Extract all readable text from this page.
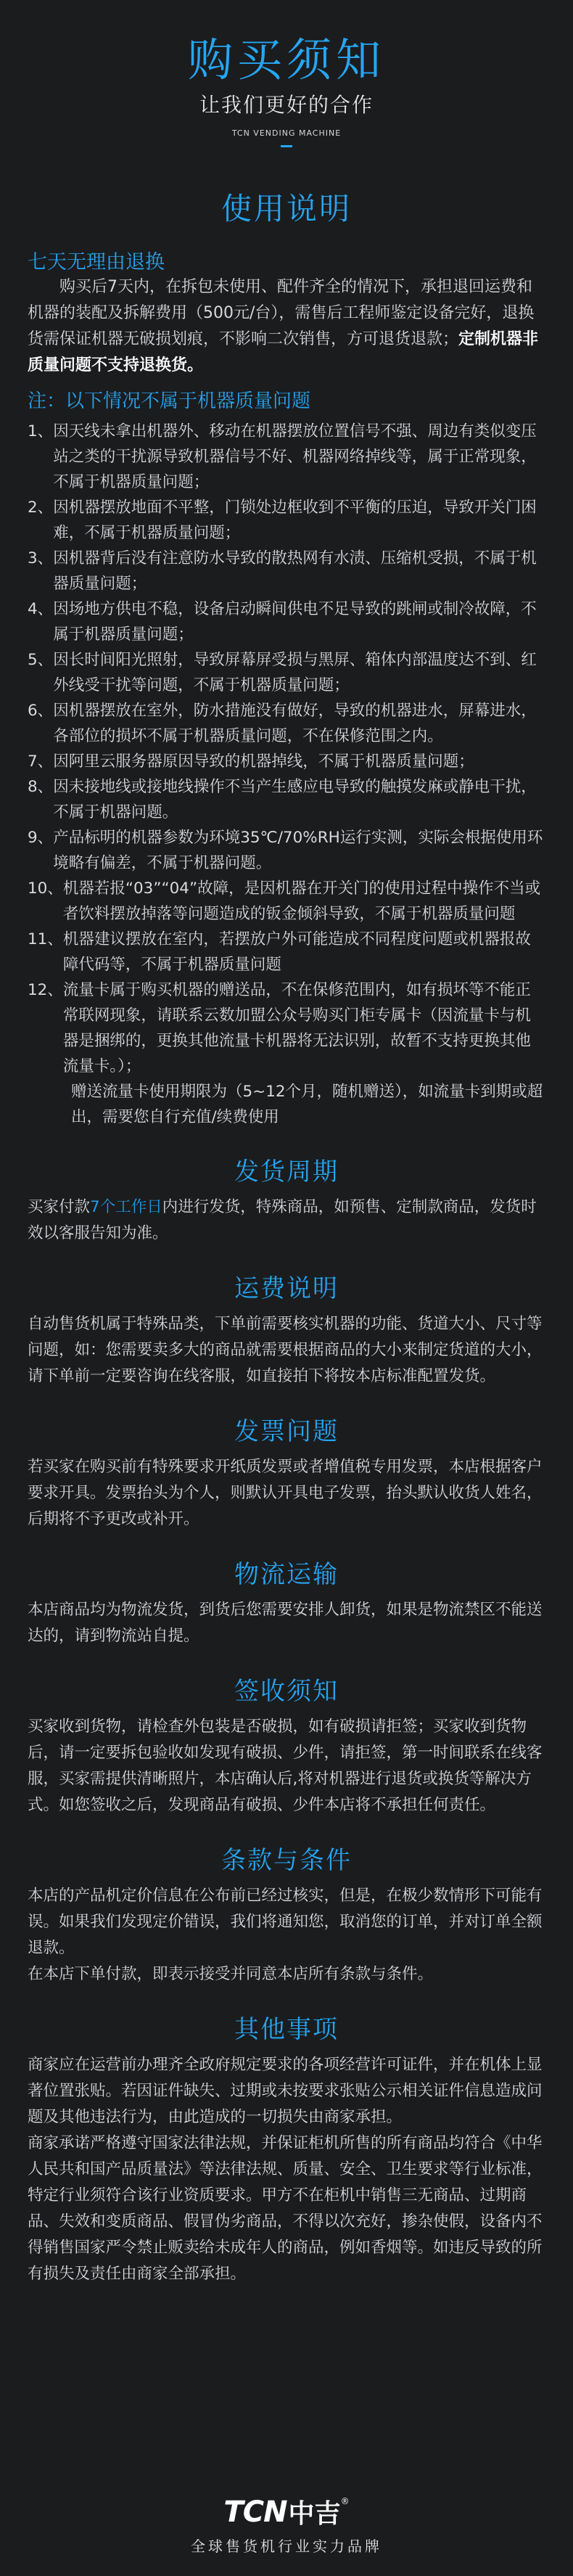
购买须知
让我们更好的合作
TCN VENDING MACHINE
使用说明
七天无理由退换
购买后7天内，在拆包未使用、配件齐全的情况下，承担退回运费和机器的装配及拆解费用（500元/台），需售后工程师鉴定设备完好，退换货需保证机器无破损划痕，不影响二次销售，方可退货退款；定制机器非质量问题不支持退换货。
注：以下情况不属于机器质量问题
1、 因天线未拿出机器外、移动在机器摆放位置信号不强、周边有类似变压站之类的干扰源导致机器信号不好、机器网络掉线等，属于正常现象，不属于机器质量问题；
2、 因机器摆放地面不平整，门锁处边框收到不平衡的压迫，导致开关门困难，不属于机器质量问题；
3、 因机器背后没有注意防水导致的散热网有水渍、压缩机受损，不属于机器质量问题；
4、 因场地方供电不稳，设备启动瞬间供电不足导致的跳闸或制冷故障，不属于机器质量问题；
5、 因长时间阳光照射，导致屏幕屏受损与黑屏、箱体内部温度达不到、红外线受干扰等问题，不属于机器质量问题；
6、 因机器摆放在室外，防水措施没有做好，导致的机器进水，屏幕进水，各部位的损坏不属于机器质量问题，不在保修范围之内。
7、 因阿里云服务器原因导致的机器掉线，不属于机器质量问题；
8、 因未接地线或接地线操作不当产生感应电导致的触摸发麻或静电干扰，不属于机器问题。
9、 产品标明的机器参数为环境35℃/70%RH运行实测，实际会根据使用环境略有偏差，不属于机器问题。
10、 机器若报“03”“04”故障，是因机器在开关门的使用过程中操作不当或者饮料摆放掉落等问题造成的钣金倾斜导致，不属于机器质量问题
11、 机器建议摆放在室内，若摆放户外可能造成不同程度问题或机器报故障代码等，不属于机器质量问题
12、 流量卡属于购买机器的赠送品，不在保修范围内，如有损坏等不能正常联网现象，请联系云数加盟公众号购买门柜专属卡（因流量卡与机器是捆绑的，更换其他流量卡机器将无法识别，故暂不支持更换其他流量卡。）；
赠送流量卡使用期限为（5~12个月，随机赠送），如流量卡到期或超出，需要您自行充值/续费使用
发货周期
买家付款7个工作日内进行发货，特殊商品，如预售、定制款商品，发货时效以客服告知为准。
运费说明
自动售货机属于特殊品类，下单前需要核实机器的功能、货道大小、尺寸等问题，如：您需要卖多大的商品就需要根据商品的大小来制定货道的大小，请下单前一定要咨询在线客服，如直接拍下将按本店标准配置发货。
发票问题
若买家在购买前有特殊要求开纸质发票或者增值税专用发票，本店根据客户要求开具。发票抬头为个人，则默认开具电子发票，抬头默认收货人姓名，后期将不予更改或补开。
物流运输
本店商品均为物流发货，到货后您需要安排人卸货，如果是物流禁区不能送达的，请到物流站自提。
签收须知
买家收到货物，请检查外包装是否破损，如有破损请拒签；买家收到货物后，请一定要拆包验收如发现有破损、少件，请拒签，第一时间联系在线客服，买家需提供清晰照片，本店确认后,将对机器进行退货或换货等解决方式。如您签收之后，发现商品有破损、少件本店将不承担任何责任。
条款与条件
本店的产品机定价信息在公布前已经过核实，但是，在极少数情形下可能有误。如果我们发现定价错误，我们将通知您，取消您的订单，并对订单全额退款。
在本店下单付款，即表示接受并同意本店所有条款与条件。
其他事项
商家应在运营前办理齐全政府规定要求的各项经营许可证件，并在机体上显著位置张贴。若因证件缺失、过期或未按要求张贴公示相关证件信息造成问题及其他违法行为，由此造成的一切损失由商家承担。
商家承诺严格遵守国家法律法规，并保证柜机所售的所有商品均符合《中华人民共和国产品质量法》等法律法规、质量、安全、卫生要求等行业标准，特定行业须符合该行业资质要求。甲方不在柜机中销售三无商品、过期商品、失效和变质商品、假冒伪劣商品，不得以次充好，掺杂使假，设备内不得销售国家严令禁止贩卖给未成年人的商品，例如香烟等。如违反导致的所有损失及责任由商家全部承担。
TCN 中吉 ®
全球售货机行业实力品牌
